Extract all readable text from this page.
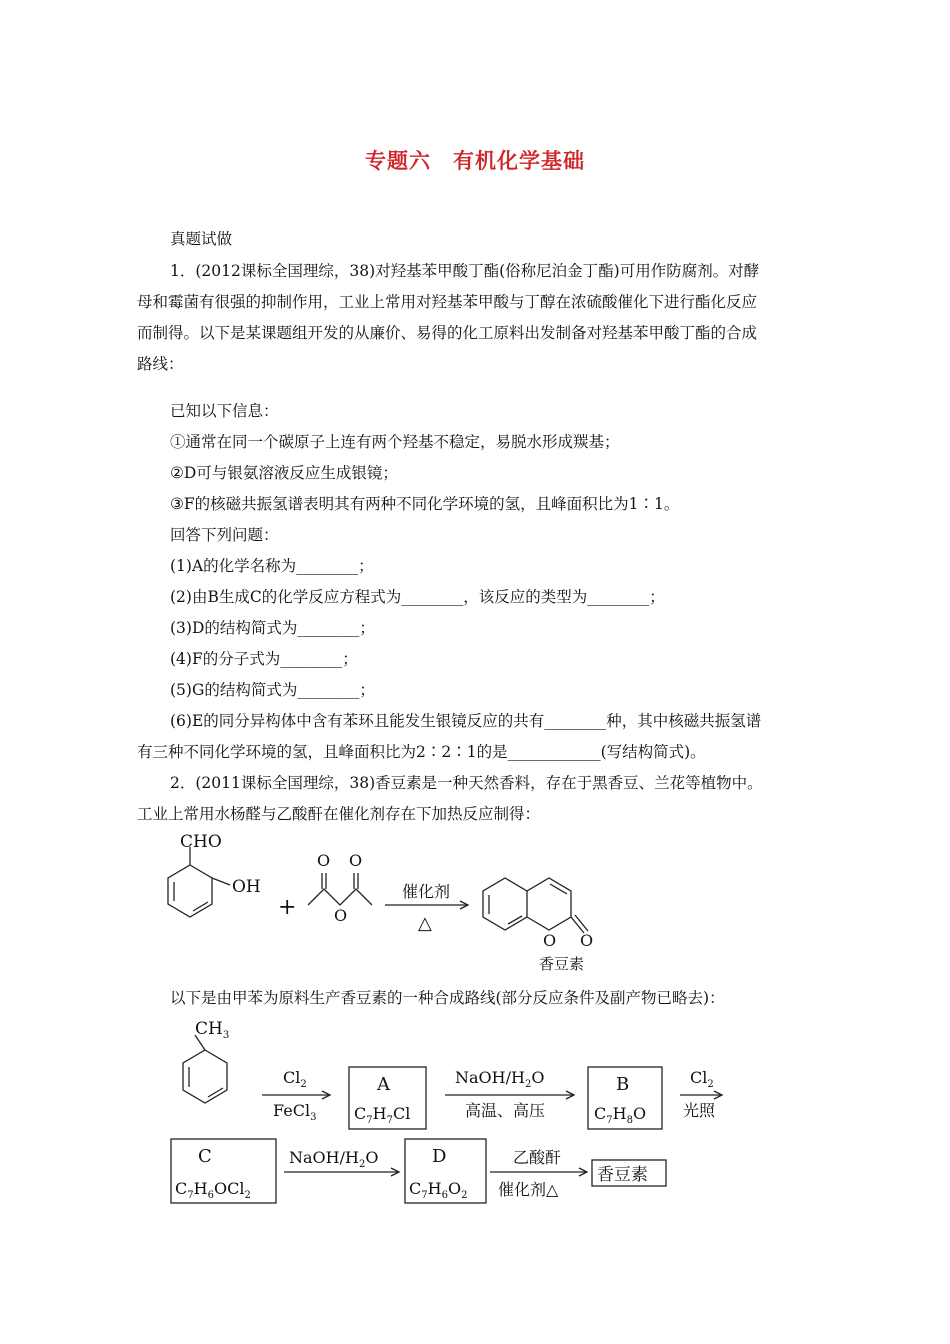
专题六　有机化学基础
真题试做
1．(2012课标全国理综，38)对羟基苯甲酸丁酯(俗称尼泊金丁酯)可用作防腐剂。对酵
母和霉菌有很强的抑制作用，工业上常用对羟基苯甲酸与丁醇在浓硫酸催化下进行酯化反应
而制得。以下是某课题组开发的从廉价、易得的化工原料出发制备对羟基苯甲酸丁酯的合成
路线：
已知以下信息：
①通常在同一个碳原子上连有两个羟基不稳定，易脱水形成羰基；
②D可与银氨溶液反应生成银镜；
③F的核磁共振氢谱表明其有两种不同化学环境的氢，且峰面积比为1∶1。
回答下列问题：
(1)A的化学名称为________；
(2)由B生成C的化学反应方程式为________，该反应的类型为________；
(3)D的结构简式为________；
(4)F的分子式为________；
(5)G的结构简式为________；
(6)E的同分异构体中含有苯环且能发生银镜反应的共有________种，其中核磁共振氢谱
有三种不同化学环境的氢，且峰面积比为2∶2∶1的是____________(写结构简式)。
2．(2011课标全国理综，38)香豆素是一种天然香料，存在于黑香豆、兰花等植物中。
工业上常用水杨醛与乙酸酐在催化剂存在下加热反应制得：
CHO
OH
+
O O
O
催化剂
△
O O
香豆素
以下是由甲苯为原料生产香豆素的一种合成路线(部分反应条件及副产物已略去)：
$CH_3$
$Cl_2$
FeCl$_3$
A
$C_7H_7Cl$
NaOH/$H_2O$
高温、高压
B
$C_7H_8O$
$Cl_2$
光照
C
$C_7H_6OCl_2$
NaOH/$H_2O$	D
$C_7H_6O_2$
乙酸酐
催化剂△
香豆素
